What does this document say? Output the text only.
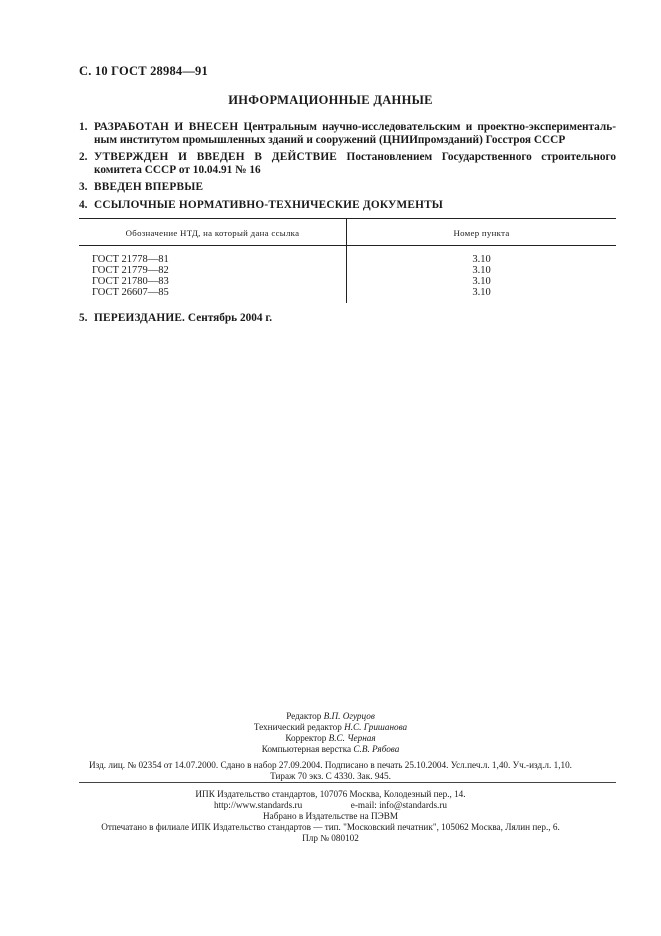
С. 10 ГОСТ 28984—91
ИНФОРМАЦИОННЫЕ ДАННЫЕ
1. РАЗРАБОТАН И ВНЕСЕН Центральным научно-исследовательским и проектно-эксперименталь-ным институтом промышленных зданий и сооружений (ЦНИИпромзданий) Госстроя СССР
2. УТВЕРЖДЕН И ВВЕДЕН В ДЕЙСТВИЕ Постановлением Государственного строительного комитета СССР от 10.04.91 № 16
3. ВВЕДЕН ВПЕРВЫЕ
4. ССЫЛОЧНЫЕ НОРМАТИВНО-ТЕХНИЧЕСКИЕ ДОКУМЕНТЫ
Обозначение НТД, на который дана ссылка	Номер пункта
ГОСТ 21778—81	3.10
ГОСТ 21779—82	3.10
ГОСТ 21780—83	3.10
ГОСТ 26607—85	3.10
5. ПЕРЕИЗДАНИЕ. Сентябрь 2004 г.
Редактор В.П. Огурцов
Технический редактор Н.С. Гришанова
Корректор В.С. Черная
Компьютерная верстка С.В. Рябова
Изд. лиц. № 02354 от 14.07.2000. Сдано в набор 27.09.2004. Подписано в печать 25.10.2004. Усл.печ.л. 1,40. Уч.-изд.л. 1,10.
Тираж 70 экз. С 4330. Зак. 945.
ИПК Издательство стандартов, 107076 Москва, Колодезный пер., 14.
http://www.standards.ru	e-mail: info@standards.ru
Набрано в Издательстве на ПЭВМ
Отпечатано в филиале ИПК Издательство стандартов — тип. "Московский печатник", 105062 Москва, Лялин пер., 6.
Плр № 080102
